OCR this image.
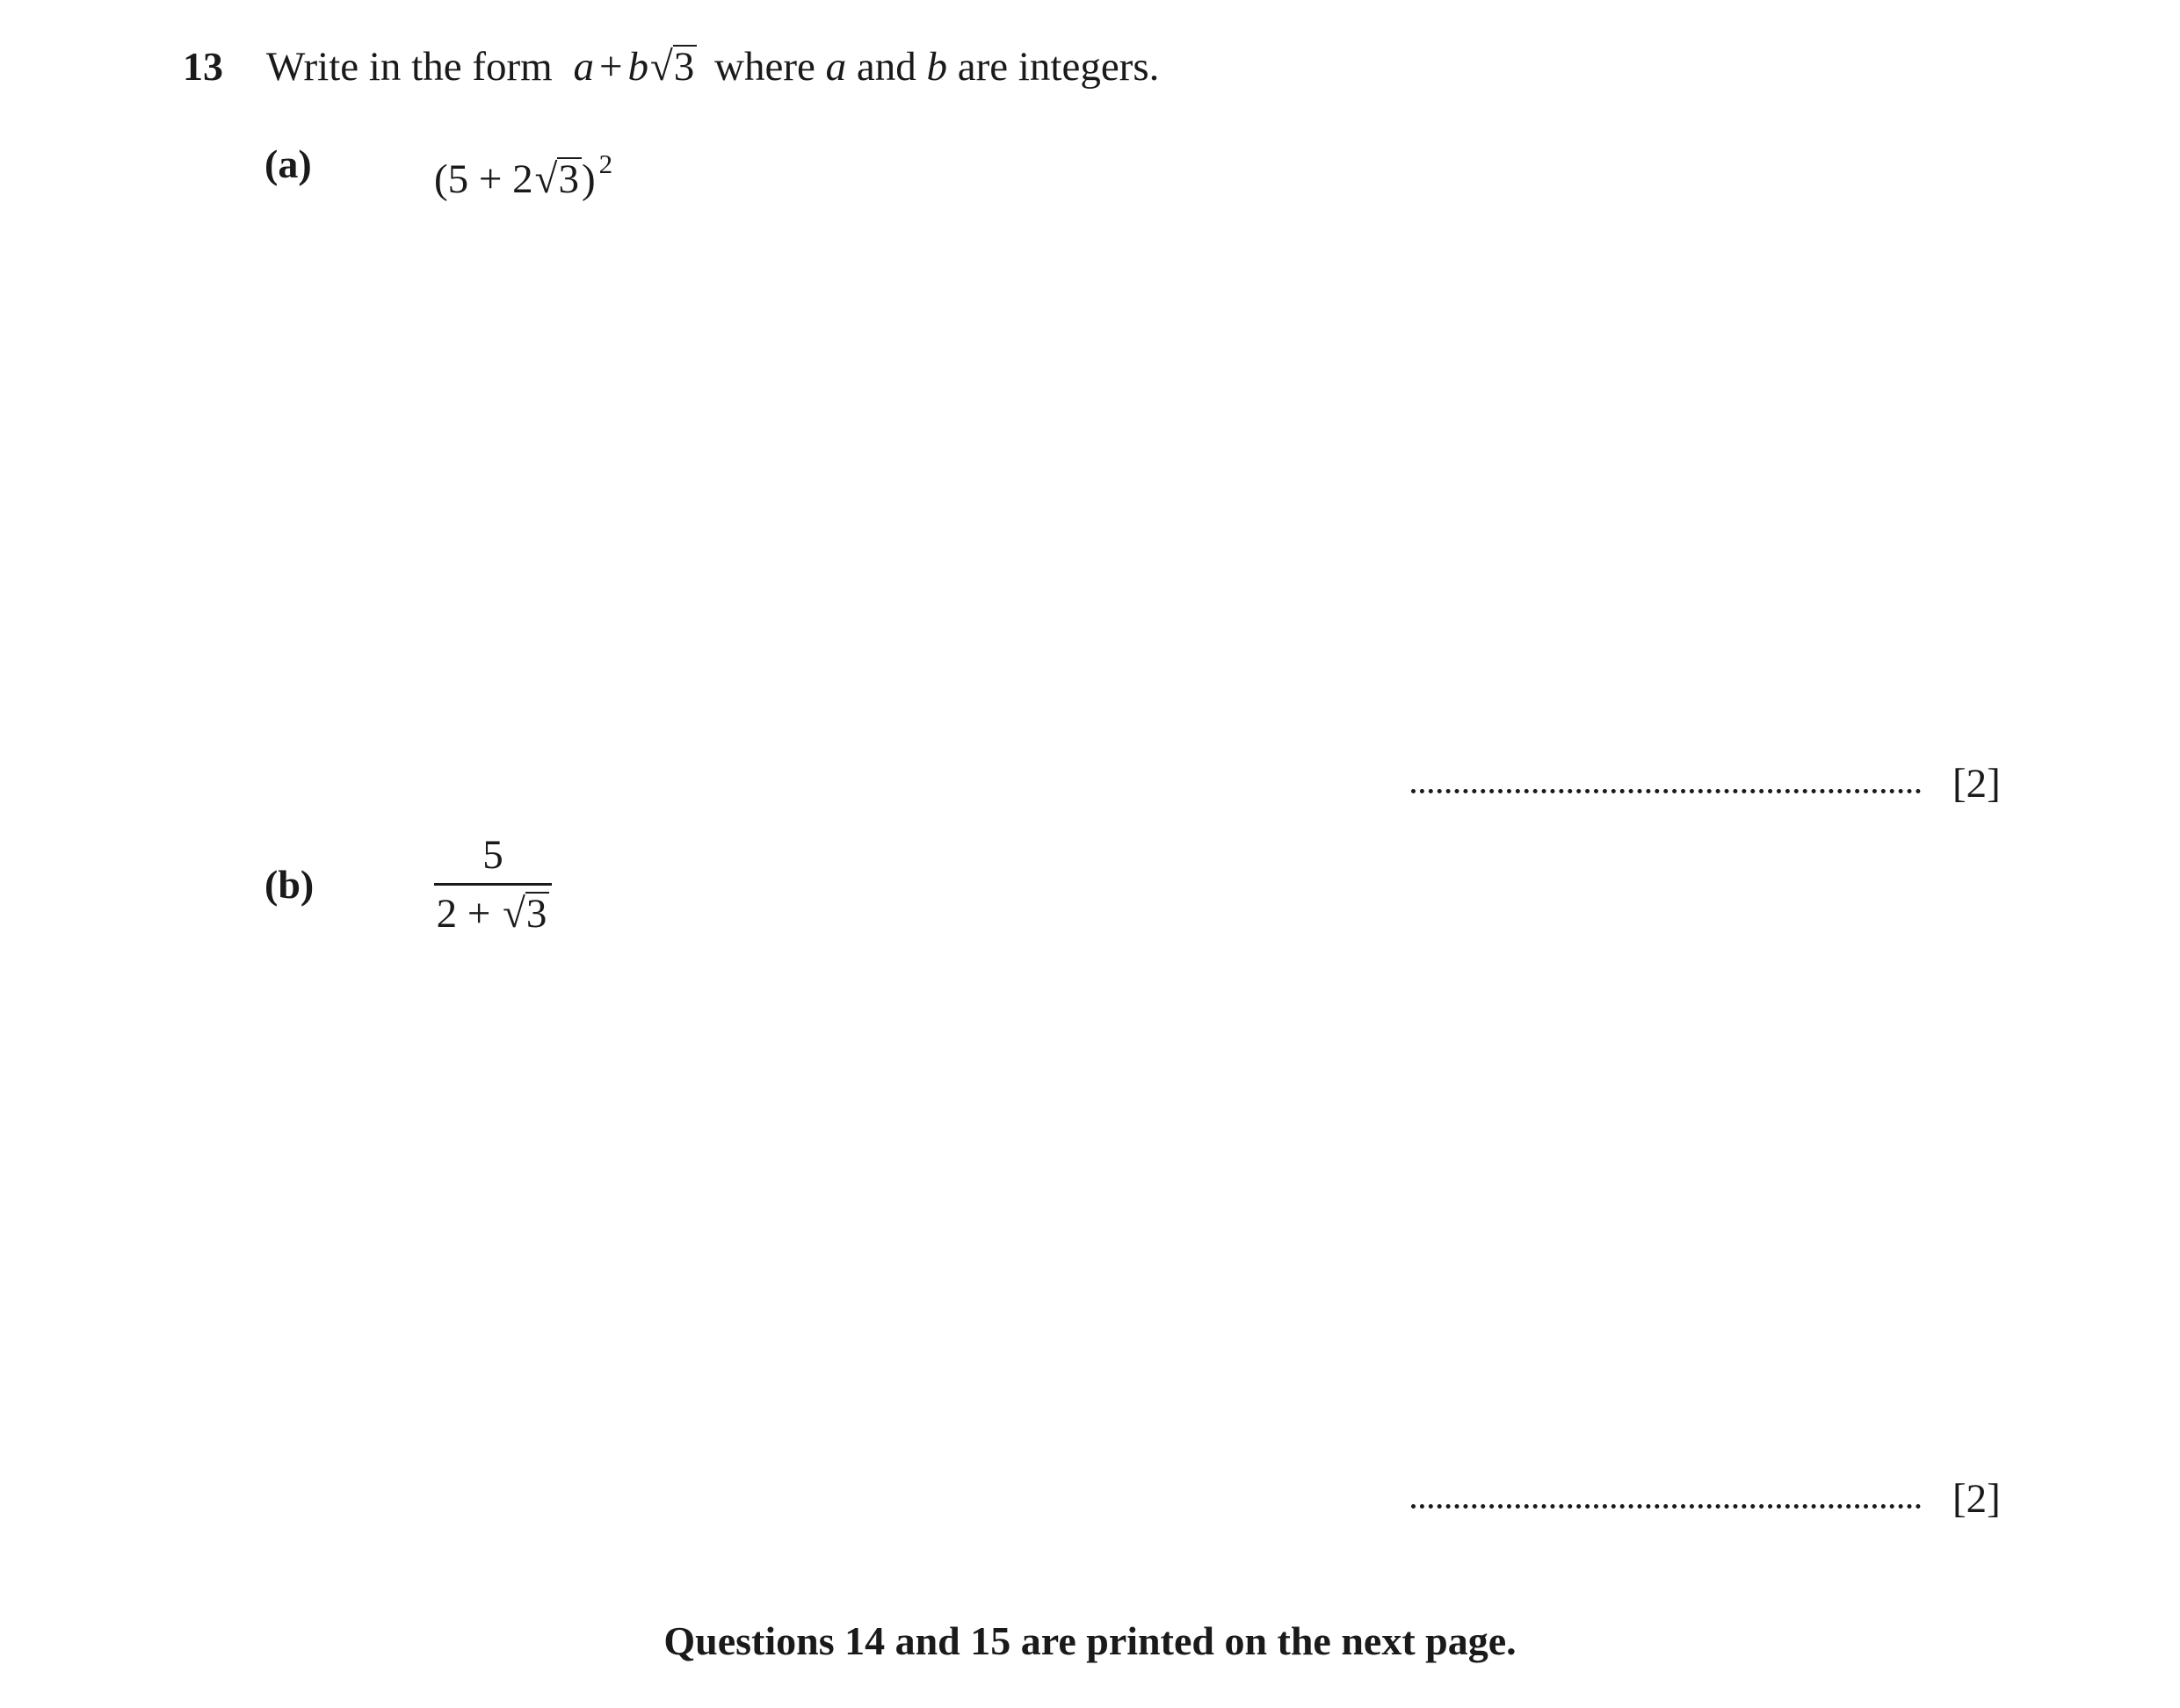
13 Write in the form a + b√3 where a and b are integers.
(a)	(5 + 2√3) $^2$
[2]
(b)
5
2 + √3
[2]
Questions 14 and 15 are printed on the next page.
